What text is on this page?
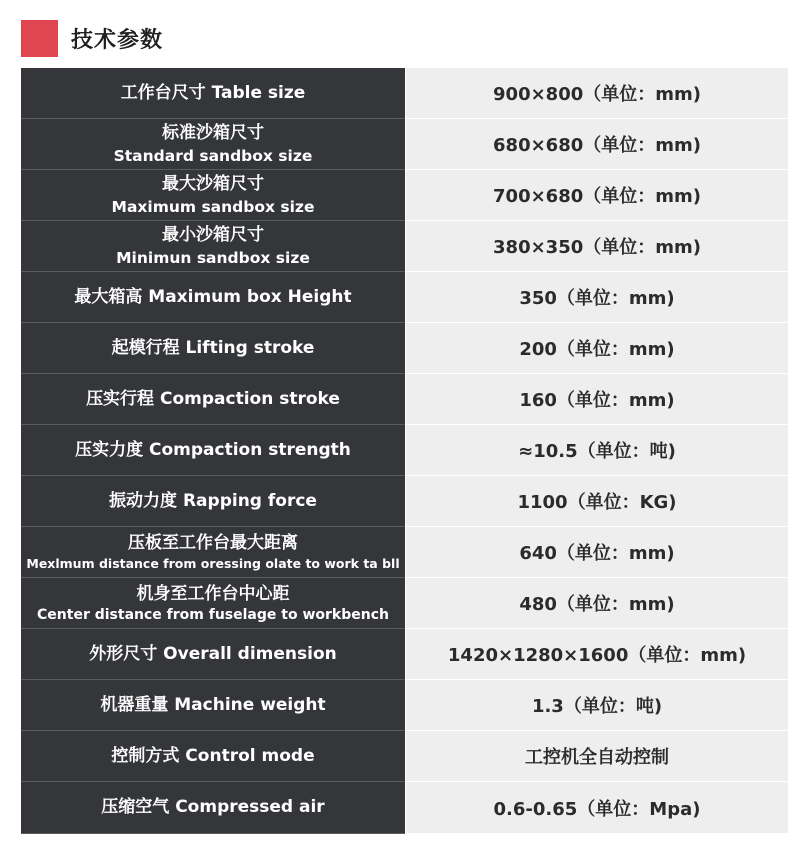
技术参数
工作台尺寸 Table size	900×800（单位：mm)
标准沙箱尺寸
Standard sandbox size	680×680（单位：mm)
最大沙箱尺寸
Maximum sandbox size	700×680（单位：mm)
最小沙箱尺寸
Minimun sandbox size	380×350（单位：mm)
最大箱高 Maximum box Height	350（单位：mm)
起模行程 Lifting stroke	200（单位：mm)
压实行程 Compaction stroke	160（单位：mm)
压实力度 Compaction strength	≈10.5（单位：吨)
振动力度 Rapping force	1100（单位：KG)
压板至工作台最大距离
Mexlmum distance from oressing olate to work ta bll	640（单位：mm)
机身至工作台中心距
Center distance from fuselage to workbench	480（单位：mm)
外形尺寸 Overall dimension	1420×1280×1600（单位：mm)
机器重量 Machine weight	1.3（单位：吨)
控制方式 Control mode	工控机全自动控制
压缩空气 Compressed air	0.6-0.65（单位：Mpa)
